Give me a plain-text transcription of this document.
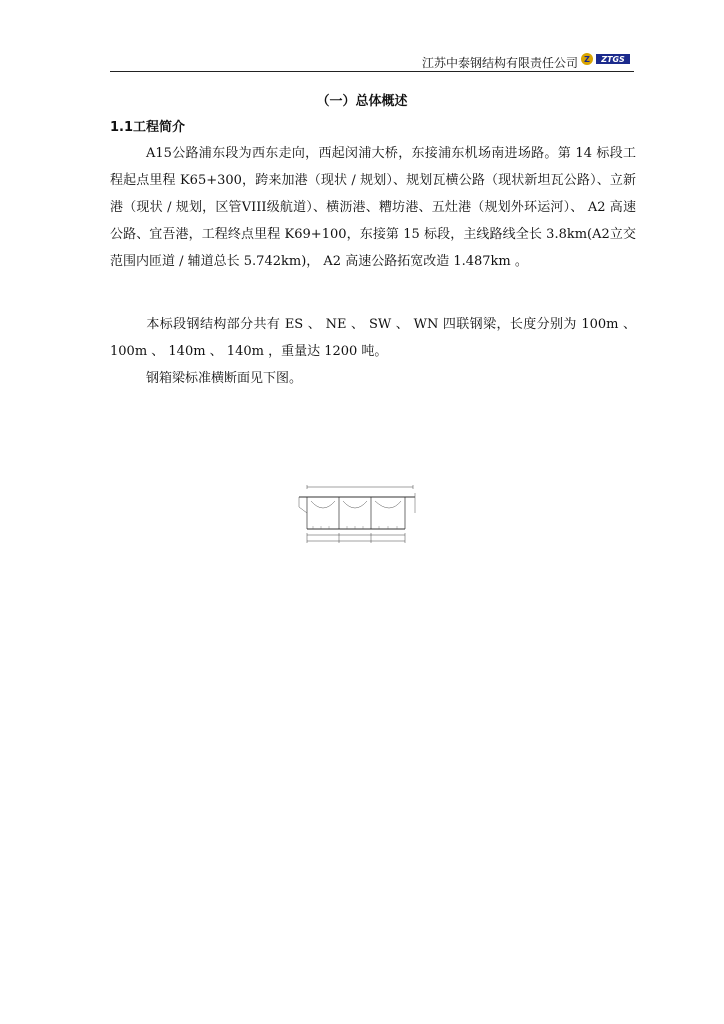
江苏中泰钢结构有限责任公司 Z ZTGS
（一）总体概述
1.1工程简介
A15公路浦东段为西东走向，西起闵浦大桥，东接浦东机场南进场路。第 14 标段工程起点里程 K65+300，跨来加港（现状 / 规划）、规划瓦横公路（现状新坦瓦公路）、立新港（现状 / 规划，区管VIII级航道）、横沥港、糟坊港、五灶港（规划外环运河）、 A2 高速公路、宜吾港，工程终点里程 K69+100，东接第 15 标段，主线路线全长 3.8km(A2立交范围内匝道 / 辅道总长 5.742km)， A2 高速公路拓宽改造 1.487km 。
本标段钢结构部分共有 ES 、 NE 、 SW 、 WN 四联钢梁，长度分别为 100m 、 100m 、 140m 、 140m ，重量达 1200 吨。
钢箱梁标准横断面见下图。
